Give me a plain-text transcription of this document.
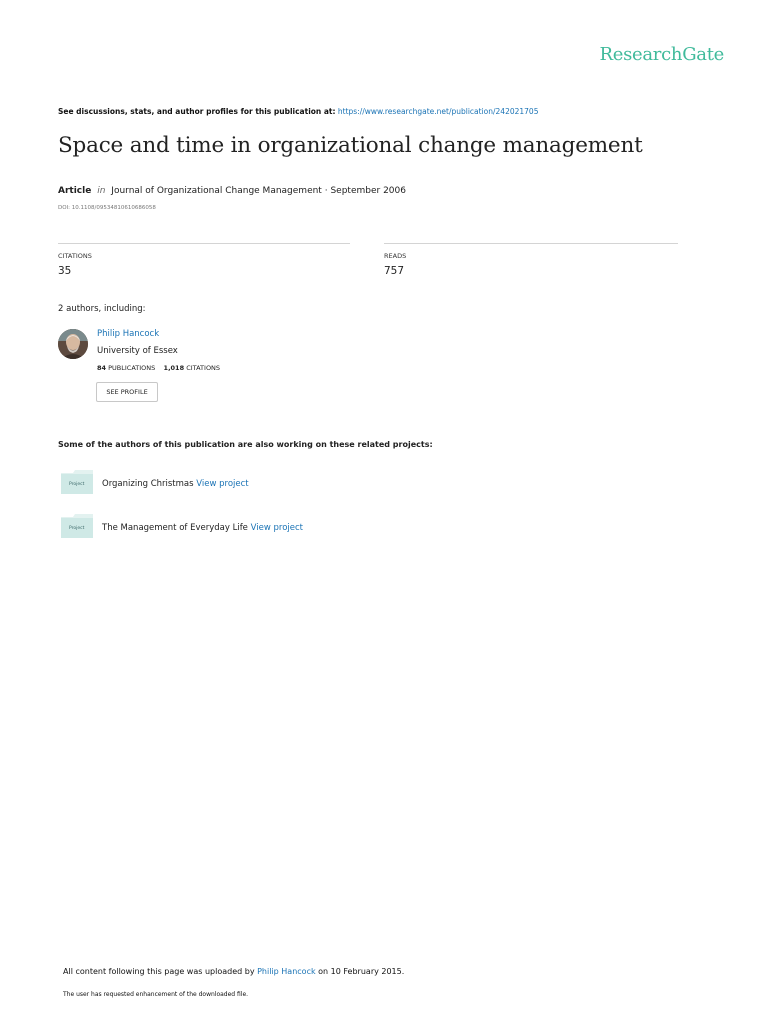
ResearchGate
See discussions, stats, and author profiles for this publication at: https://www.researchgate.net/publication/242021705
Space and time in organizational change management
Article in Journal of Organizational Change Management · September 2006
DOI: 10.1108/09534810610686058
CITATIONS
35
READS
757
2 authors, including:
Philip Hancock
University of Essex
84 PUBLICATIONS 1,018 CITATIONS
SEE PROFILE
Some of the authors of this publication are also working on these related projects:
Project Organizing Christmas View project
Project The Management of Everyday Life View project
All content following this page was uploaded by Philip Hancock on 10 February 2015.
The user has requested enhancement of the downloaded file.
